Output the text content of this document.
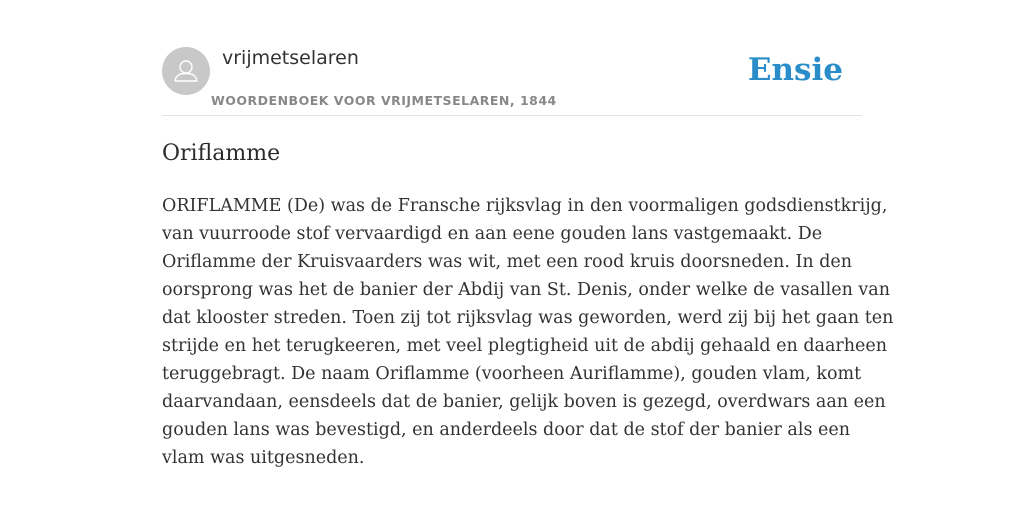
vrijmetselaren
WOORDENBOEK VOOR VRIJMETSELAREN, 1844
Ensie
Oriflamme

ORIFLAMME (De) was de Fransche rijksvlag in den voormaligen godsdienstkrijg,
van vuurroode stof vervaardigd en aan eene gouden lans vastgemaakt. De
Oriflamme der Kruisvaarders was wit, met een rood kruis doorsneden. In den
oorsprong was het de banier der Abdij van St. Denis, onder welke de vasallen van
dat klooster streden. Toen zij tot rijksvlag was geworden, werd zij bij het gaan ten
strijde en het terugkeeren, met veel plegtigheid uit de abdij gehaald en daarheen
teruggebragt. De naam Oriflamme (voorheen Auriflamme), gouden vlam, komt
daarvandaan, eensdeels dat de banier, gelijk boven is gezegd, overdwars aan een
gouden lans was bevestigd, en anderdeels door dat de stof der banier als een
vlam was uitgesneden.
